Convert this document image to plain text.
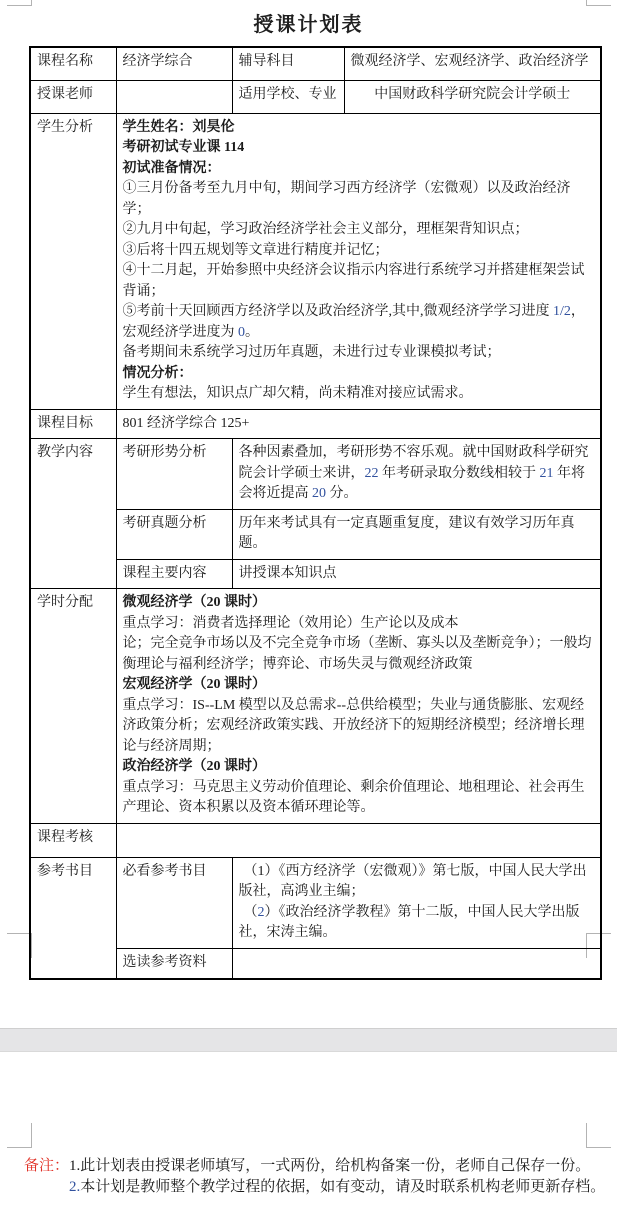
授课计划表
课程名称	经济学综合	辅导科目	微观经济学、宏观经济学、政治经济学
授课老师		适用学校、专业	中国财政科学研究院会计学硕士
学生分析	学生姓名：刘昊伦
考研初试专业课 114
初试准备情况：
①三月份备考至九月中旬，期间学习西方经济学（宏微观）以及政治经济学；
②九月中旬起，学习政治经济学社会主义部分，理框架背知识点；
③后将十四五规划等文章进行精度并记忆；
④十二月起，开始参照中央经济会议指示内容进行系统学习并搭建框架尝试背诵；
⑤考前十天回顾西方经济学以及政治经济学,其中,微观经济学学习进度 1/2，
宏观经济学进度为 0。
备考期间未系统学习过历年真题，未进行过专业课模拟考试；
情况分析：
学生有想法，知识点广却欠精，尚未精准对接应试需求。

课程目标	801 经济学综合 125+		
教学内容	考研形势分析	各种因素叠加，考研形势不容乐观。就中国财政科学研究院会计学硕士来讲，22 年考研录取分数线相较于 21 年将会将近提高 20 分。	

	考研真题分析	历年来考试具有一定真题重复度，建议有效学习历年真题。	
	课程主要内容	讲授课本知识点	
学时分配	微观经济学（20 课时）
重点学习：消费者选择理论（效用论）生产论以及成本
论；完全竞争市场以及不完全竞争市场（垄断、寡头以及垄断竞争）；一般均衡理论与福利经济学；博弈论、市场失灵与微观经济政策
宏观经济学（20 课时）
重点学习：IS--LM 模型以及总需求--总供给模型；失业与通货膨胀、宏观经济政策分析；宏观经济政策实践、开放经济下的短期经济模型；经济增长理论与经济周期；
政治经济学（20 课时）
重点学习：马克思主义劳动价值理论、剩余价值理论、地租理论、社会再生产理论、资本积累以及资本循环理论等。

课程考核			
参考书目	必看参考书目	（1）《西方经济学（宏微观）》第七版，中国人民大学出版社，高鸿业主编；
（2）《政治经济学教程》第十二版，中国人民大学出版社，宋涛主编。	

	选读参考资料		
备注： 1.此计划表由授课老师填写，一式两份，给机构备案一份，老师自己保存一份。
2.本计划是教师整个教学过程的依据，如有变动，请及时联系机构老师更新存档。
